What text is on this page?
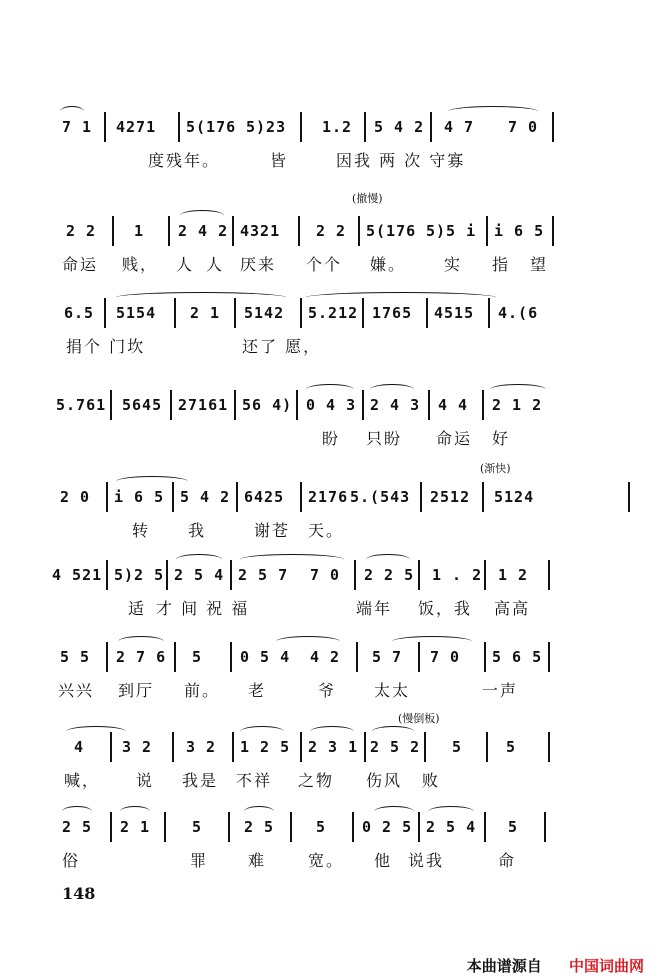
7 1 4271 5(176 5)23 1.2 5 4 2 4 7 7 0
度残年。	皆	因我 两 次 守寡
(撤慢)
2 2	1 2 4 2 4321 2 2 5(176 5)5 i i 6 5
命运 贱， 人 人 厌来 个个 嫌。 实 指 望
6.5 5154 2 1 5142 5.212 1765 4515 4.(6
捐个 门坎	还了 愿，
5.761 5645 27161 56 4) 0 4 3 2 4 3 4 4 2 1 2
盼 只盼 命运 好
(渐快)
2 0 i 6 5 5 4 2 6425 2176 5.(543 2512 5124
转 我	谢苍 天。
4 521 5)2 5 2 5 4 2 5 7 7 0 2 2 5 1 . 2 1 2
适 才 间 祝 福	端年 饭，我 高高
5 5 2 7 6 5	0 5 4 4 2 5 7 7 0 5 6 5
兴兴 到厅 前。 老	爷 太太	一声
(慢倒板)
4	3 2 3 2 1 2 5 2 3 1 2 5 2 5	5
喊， 说 我是 不祥 之物 伤风 败
2 5 2 1	5	2 5	5 0 2 5 2 5 4 5
俗	罪 难	宽。 他 说我	命
148
本曲谱源自 中国词曲网
